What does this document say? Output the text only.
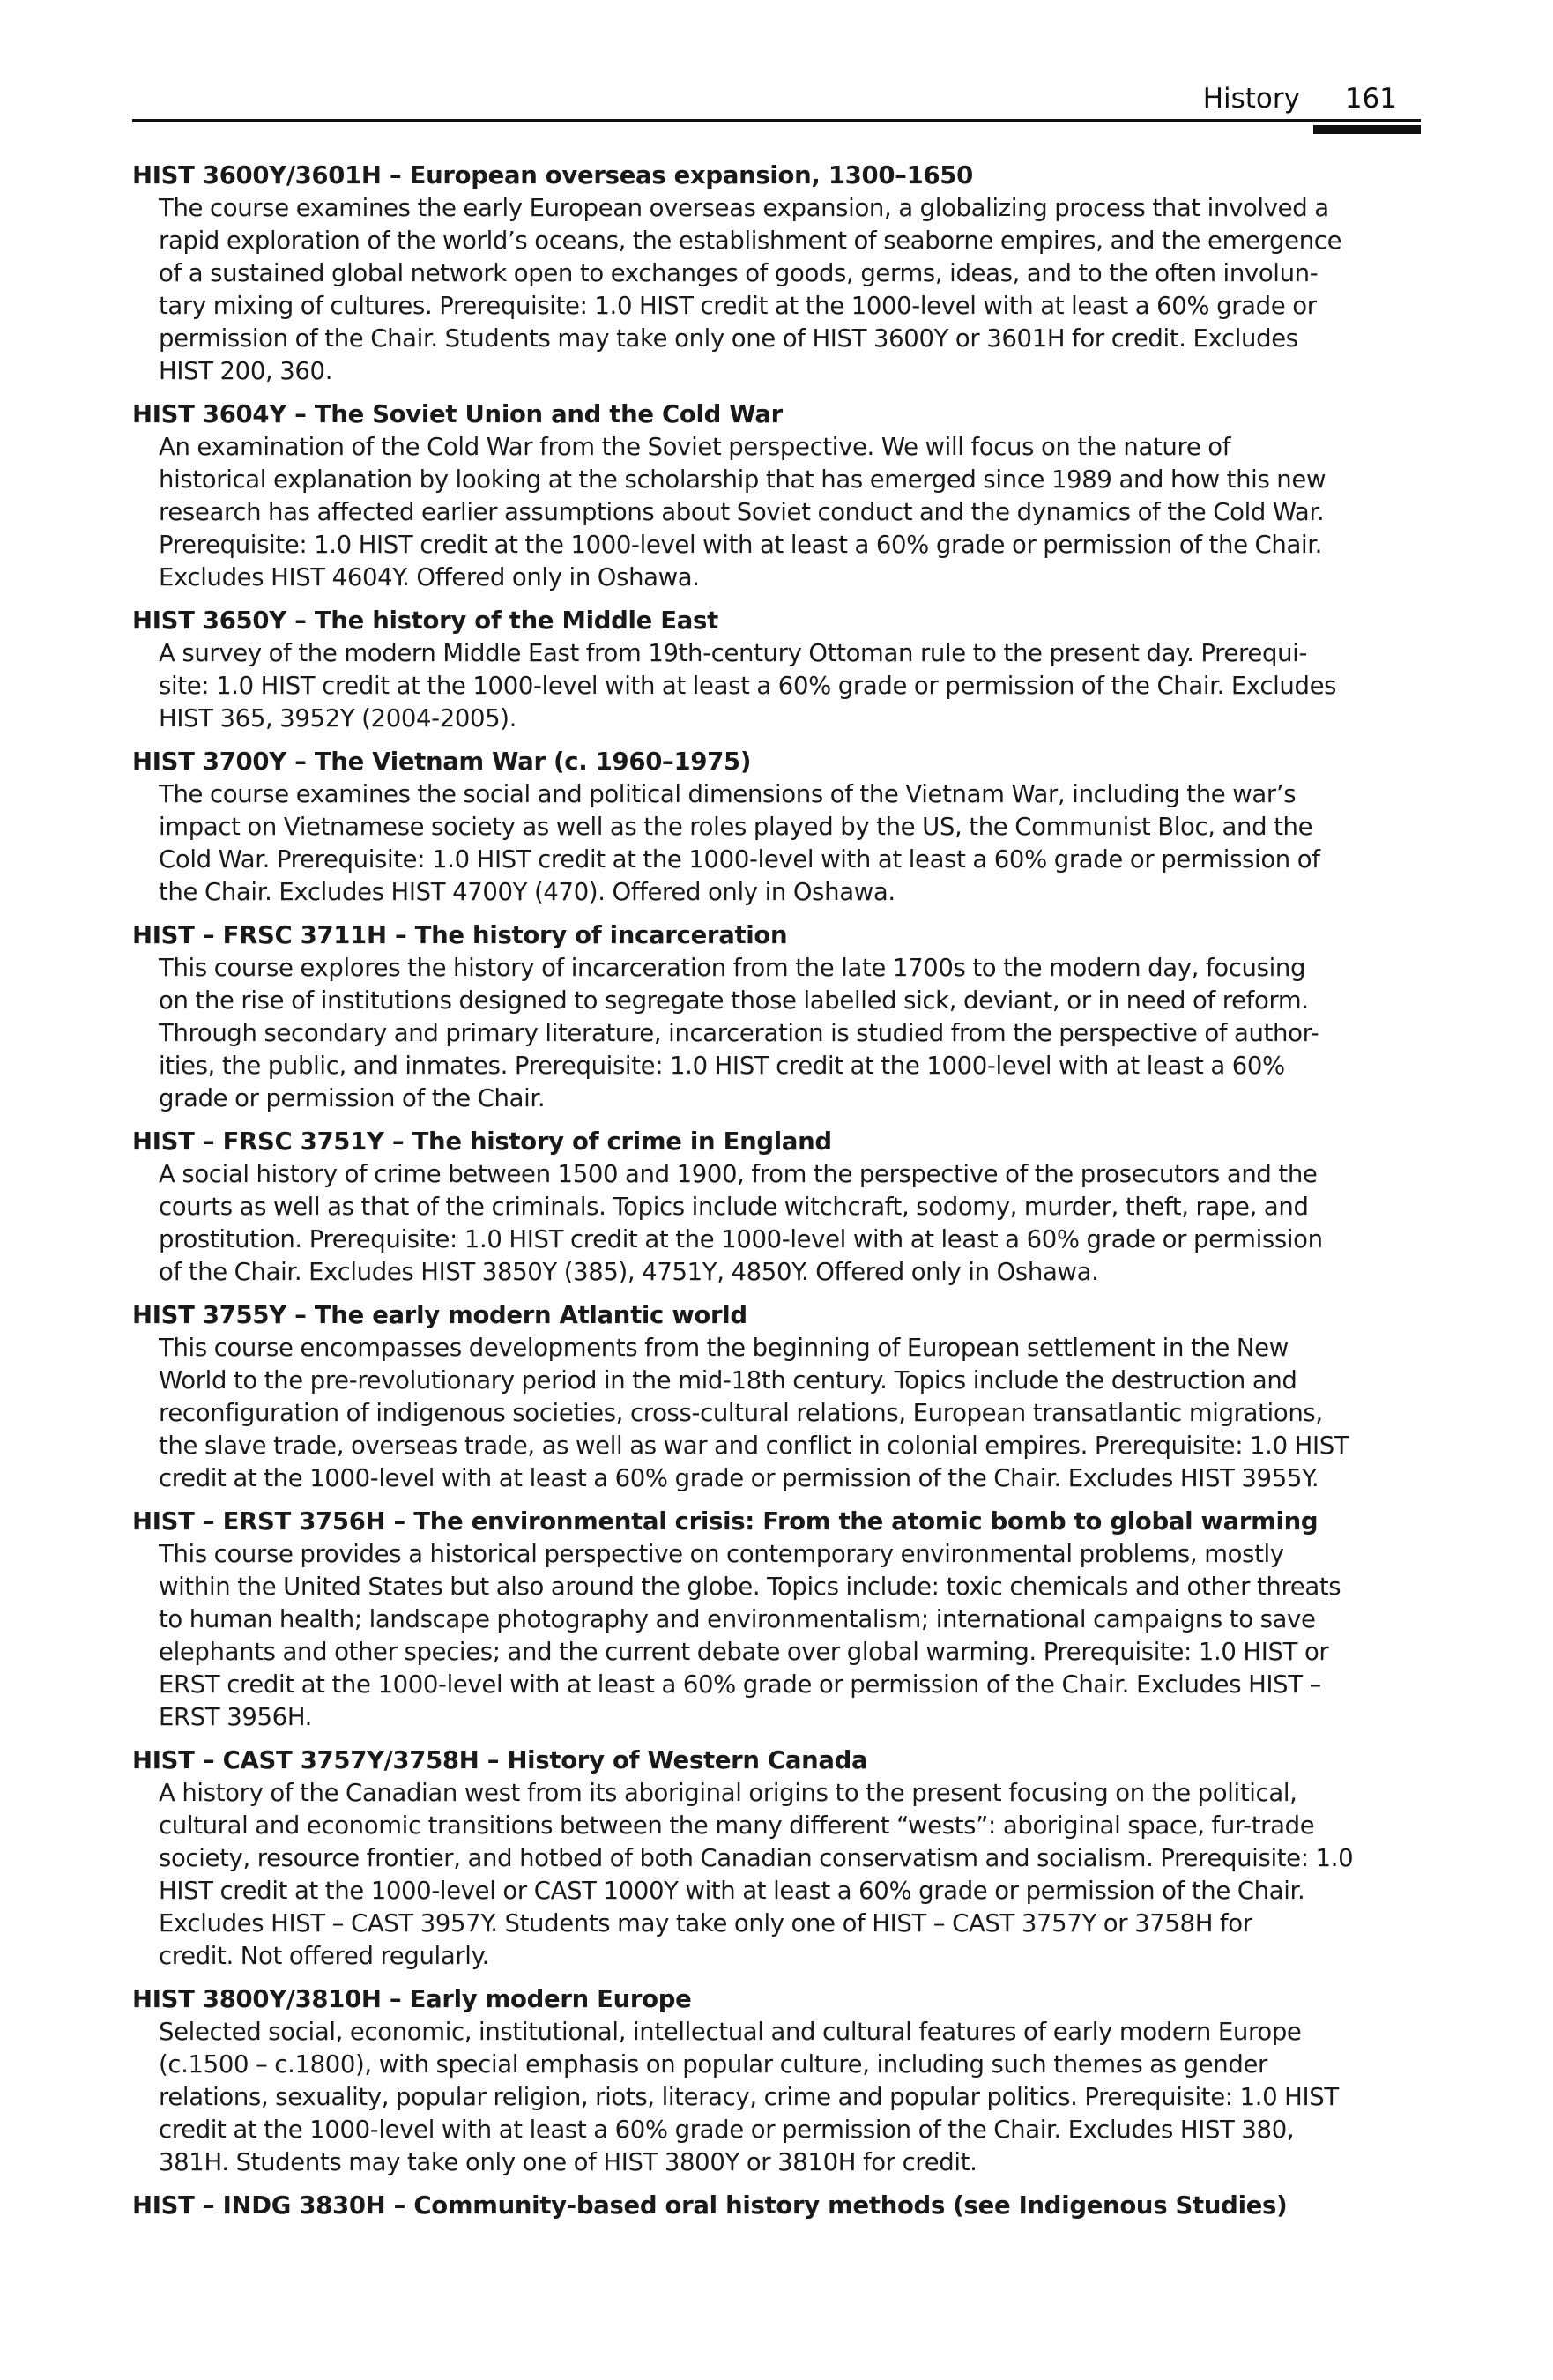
History 161

HIST 3600Y/3601H – European overseas expansion, 1300–1650

The course examines the early European overseas expansion, a globalizing process that involved a
rapid exploration of the world’s oceans, the establishment of seaborne empires, and the emergence
of a sustained global network open to exchanges of goods, germs, ideas, and to the often involun-
tary mixing of cultures. Prerequisite: 1.0 HIST credit at the 1000-level with at least a 60% grade or
permission of the Chair. Students may take only one of HIST 3600Y or 3601H for credit. Excludes
HIST 200, 360.

HIST 3604Y – The Soviet Union and the Cold War

An examination of the Cold War from the Soviet perspective. We will focus on the nature of
historical explanation by looking at the scholarship that has emerged since 1989 and how this new
research has affected earlier assumptions about Soviet conduct and the dynamics of the Cold War.
Prerequisite: 1.0 HIST credit at the 1000-level with at least a 60% grade or permission of the Chair.
Excludes HIST 4604Y. Offered only in Oshawa.

HIST 3650Y – The history of the Middle East

A survey of the modern Middle East from 19th-century Ottoman rule to the present day. Prerequi-
site: 1.0 HIST credit at the 1000-level with at least a 60% grade or permission of the Chair. Excludes
HIST 365, 3952Y (2004-2005).

HIST 3700Y – The Vietnam War (c. 1960–1975)

The course examines the social and political dimensions of the Vietnam War, including the war’s
impact on Vietnamese society as well as the roles played by the US, the Communist Bloc, and the
Cold War. Prerequisite: 1.0 HIST credit at the 1000-level with at least a 60% grade or permission of
the Chair. Excludes HIST 4700Y (470). Offered only in Oshawa.

HIST – FRSC 3711H – The history of incarceration

This course explores the history of incarceration from the late 1700s to the modern day, focusing
on the rise of institutions designed to segregate those labelled sick, deviant, or in need of reform.
Through secondary and primary literature, incarceration is studied from the perspective of author-
ities, the public, and inmates. Prerequisite: 1.0 HIST credit at the 1000-level with at least a 60%
grade or permission of the Chair.

HIST – FRSC 3751Y – The history of crime in England

A social history of crime between 1500 and 1900, from the perspective of the prosecutors and the
courts as well as that of the criminals. Topics include witchcraft, sodomy, murder, theft, rape, and
prostitution. Prerequisite: 1.0 HIST credit at the 1000-level with at least a 60% grade or permission
of the Chair. Excludes HIST 3850Y (385), 4751Y, 4850Y. Offered only in Oshawa.

HIST 3755Y – The early modern Atlantic world

This course encompasses developments from the beginning of European settlement in the New
World to the pre-revolutionary period in the mid-18th century. Topics include the destruction and
reconfiguration of indigenous societies, cross-cultural relations, European transatlantic migrations,
the slave trade, overseas trade, as well as war and conflict in colonial empires. Prerequisite: 1.0 HIST
credit at the 1000-level with at least a 60% grade or permission of the Chair. Excludes HIST 3955Y.

HIST – ERST 3756H – The environmental crisis: From the atomic bomb to global warming

This course provides a historical perspective on contemporary environmental problems, mostly
within the United States but also around the globe. Topics include: toxic chemicals and other threats
to human health; landscape photography and environmentalism; international campaigns to save
elephants and other species; and the current debate over global warming. Prerequisite: 1.0 HIST or
ERST credit at the 1000-level with at least a 60% grade or permission of the Chair. Excludes HIST –
ERST 3956H.

HIST – CAST 3757Y/3758H – History of Western Canada

A history of the Canadian west from its aboriginal origins to the present focusing on the political,
cultural and economic transitions between the many different “wests”: aboriginal space, fur-trade
society, resource frontier, and hotbed of both Canadian conservatism and socialism. Prerequisite: 1.0
HIST credit at the 1000-level or CAST 1000Y with at least a 60% grade or permission of the Chair.
Excludes HIST – CAST 3957Y. Students may take only one of HIST – CAST 3757Y or 3758H for
credit. Not offered regularly.

HIST 3800Y/3810H – Early modern Europe

Selected social, economic, institutional, intellectual and cultural features of early modern Europe
(c.1500 – c.1800), with special emphasis on popular culture, including such themes as gender
relations, sexuality, popular religion, riots, literacy, crime and popular politics. Prerequisite: 1.0 HIST
credit at the 1000-level with at least a 60% grade or permission of the Chair. Excludes HIST 380,
381H. Students may take only one of HIST 3800Y or 3810H for credit.

HIST – INDG 3830H – Community-based oral history methods (see Indigenous Studies)
